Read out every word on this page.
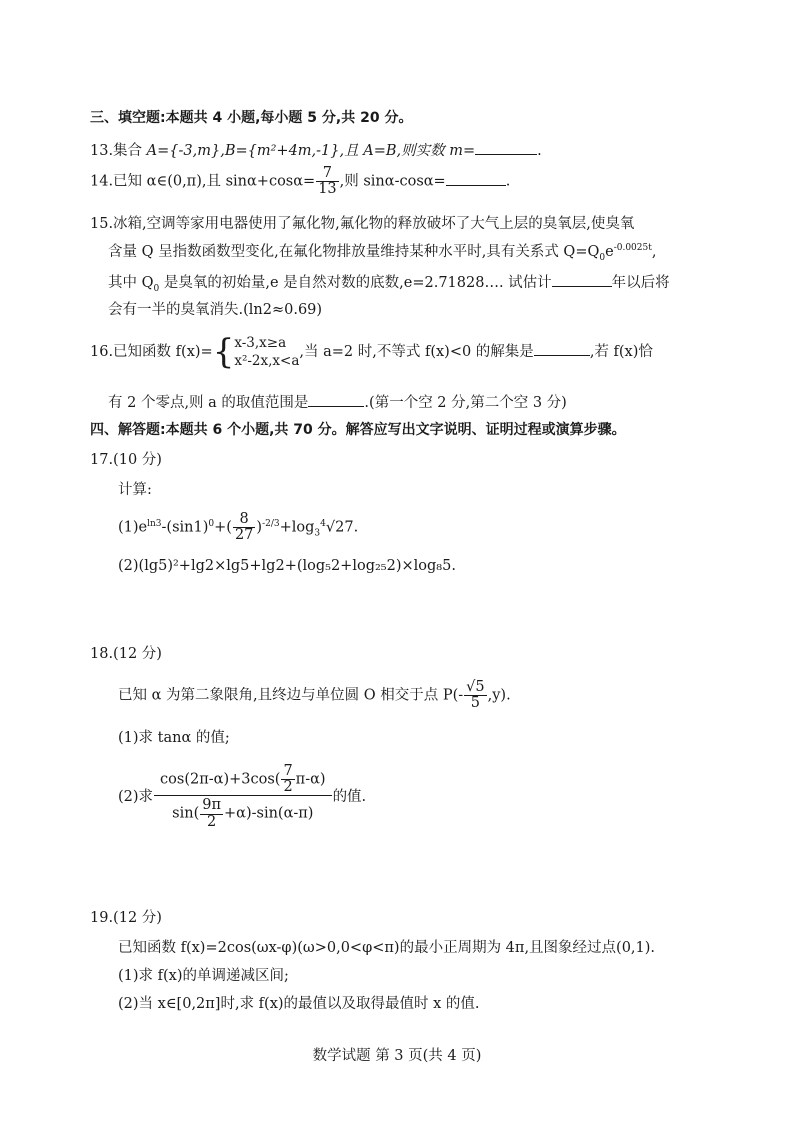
三、填空题:本题共 4 小题,每小题 5 分,共 20 分。
13.集合 A={-3,m},B={m²+4m,-1},且 A=B,则实数 m=	.
14.已知 α∈(0,π),且 $\sin\alpha+\cos\alpha= \frac{7}{13}$ ,则 sinα-cosα=	.
15.冰箱,空调等家用电器使用了氟化物,氟化物的释放破坏了大气上层的臭氧层,使臭氧
含量 Q 呈指数函数型变化,在氟化物排放量维持某种水平时,具有关系式 $Q=Q_0e^{-0.0025t}$,
其中 $Q_0$ 是臭氧的初始量,e 是自然对数的底数,e=2.71828…. 试估计	年以后将
会有一半的臭氧消失.(ln2≈0.69)
16.已知函数 f(x)={ x-3,x≥a
x²-2x,x<a
,当 a=2 时,不等式 f(x)<0 的解集是	,若 f(x)恰
有 2 个零点,则 a 的取值范围是	.(第一个空 2 分,第二个空 3 分)
四、解答题:本题共 6 个小题,共 70 分。解答应写出文字说明、证明过程或演算步骤。
17.(10 分)
计算:
$(1)e^{ln3}-(\sin 1)^0+( \frac{8}{27} )^{-2/3}+\log_3^4√27$.
(2)(lg5)²+lg2×lg5+lg2+(log₅2+log₂₅2)×log₈5.
18.(12 分)
已知 α 为第二象限角,且终边与单位圆 O 相交于点 $P(- \frac{√5}{5} ,y)$.
(1)求 tanα 的值;
(2)求 $\frac{\cos(2\pi-\alpha)+3\cos( \frac{7}{2} \pi-\alpha)}{\sin( \frac{9\pi}{2} +\alpha)-\sin(\alpha-\pi)}$ 的值.
19.(12 分)
已知函数 f(x)=2cos(ωx-φ)(ω>0,0<φ<π)的最小正周期为 4π,且图象经过点(0,1).
(1)求 f(x)的单调递减区间;
(2)当 x∈[0,2π]时,求 f(x)的最值以及取得最值时 x 的值.
数学试题 第 3 页(共 4 页)
